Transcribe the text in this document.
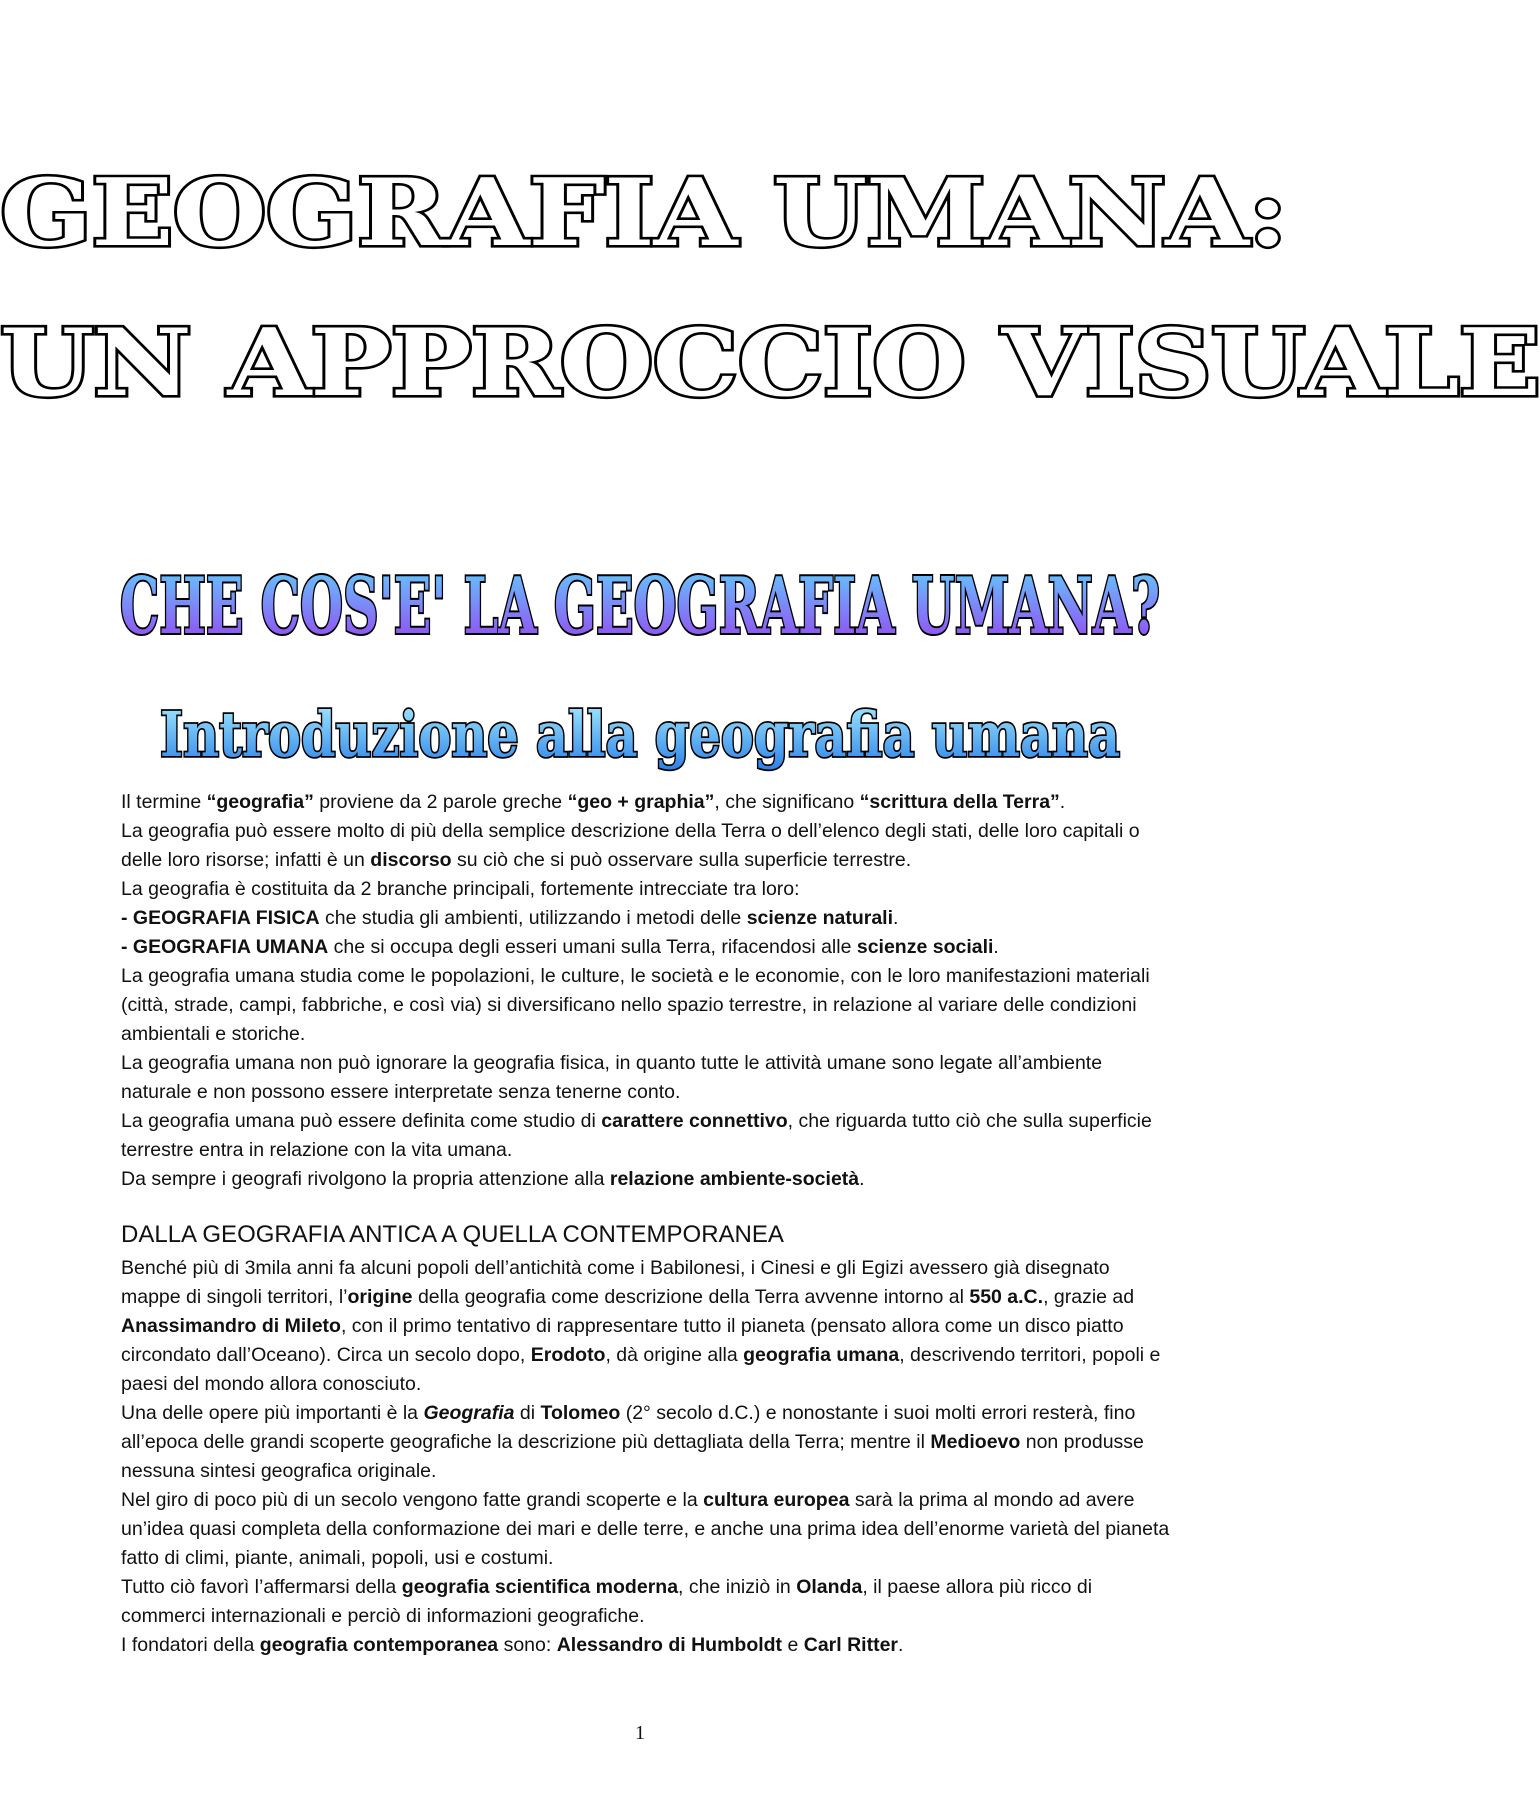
GEOGRAFIA UMANA:
UN APPROCCIO VISUALE
CHE COS'E' LA GEOGRAFIA UMANA?
Introduzione alla geografia umana

Il termine “geografia” proviene da 2 parole greche “geo + graphia”, che significano “scrittura della Terra”.

La geografia può essere molto di più della semplice descrizione della Terra o dell’elenco degli stati, delle loro capitali o delle loro risorse; infatti è un discorso su ciò che si può osservare sulla superficie terrestre.

La geografia è costituita da 2 branche principali, fortemente intrecciate tra loro:

- GEOGRAFIA FISICA che studia gli ambienti, utilizzando i metodi delle scienze naturali.

- GEOGRAFIA UMANA che si occupa degli esseri umani sulla Terra, rifacendosi alle scienze sociali.

La geografia umana studia come le popolazioni, le culture, le società e le economie, con le loro manifestazioni materiali (città, strade, campi, fabbriche, e così via) si diversificano nello spazio terrestre, in relazione al variare delle condizioni ambientali e storiche.

La geografia umana non può ignorare la geografia fisica, in quanto tutte le attività umane sono legate all’ambiente naturale e non possono essere interpretate senza tenerne conto.

La geografia umana può essere definita come studio di carattere connettivo, che riguarda tutto ciò che sulla superficie terrestre entra in relazione con la vita umana.

Da sempre i geografi rivolgono la propria attenzione alla relazione ambiente-società.

DALLA GEOGRAFIA ANTICA A QUELLA CONTEMPORANEA

Benché più di 3mila anni fa alcuni popoli dell’antichità come i Babilonesi, i Cinesi e gli Egizi avessero già disegnato mappe di singoli territori, l’origine della geografia come descrizione della Terra avvenne intorno al 550 a.C., grazie ad Anassimandro di Mileto, con il primo tentativo di rappresentare tutto il pianeta (pensato allora come un disco piatto circondato dall’Oceano). Circa un secolo dopo, Erodoto, dà origine alla geografia umana, descrivendo territori, popoli e paesi del mondo allora conosciuto.

Una delle opere più importanti è la Geografia di Tolomeo (2° secolo d.C.) e nonostante i suoi molti errori resterà, fino all’epoca delle grandi scoperte geografiche la descrizione più dettagliata della Terra; mentre il Medioevo non produsse nessuna sintesi geografica originale.

Nel giro di poco più di un secolo vengono fatte grandi scoperte e la cultura europea sarà la prima al mondo ad avere un’idea quasi completa della conformazione dei mari e delle terre, e anche una prima idea dell’enorme varietà del pianeta fatto di climi, piante, animali, popoli, usi e costumi.

Tutto ciò favorì l’affermarsi della geografia scientifica moderna, che iniziò in Olanda, il paese allora più ricco di commerci internazionali e perciò di informazioni geografiche.

I fondatori della geografia contemporanea sono: Alessandro di Humboldt e Carl Ritter.

1
